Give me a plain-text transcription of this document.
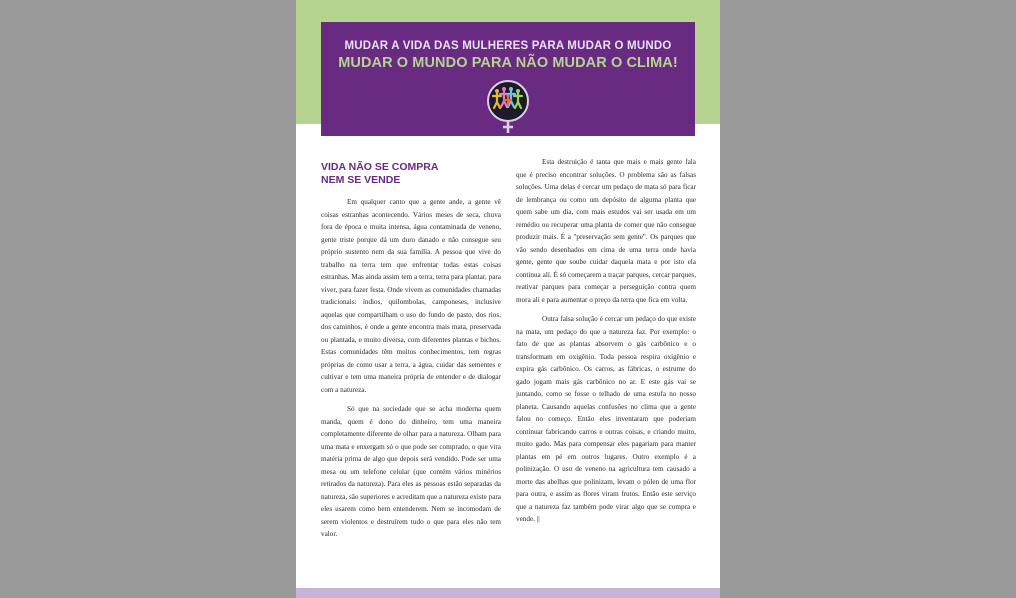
MUDAR A VIDA DAS MULHERES PARA MUDAR O MUNDO
MUDAR O MUNDO PARA NÃO MUDAR O CLIMA!
VIDA NÃO SE COMPRA
NEM SE VENDE

Em qualquer canto que a gente ande, a gente vê coisas estranhas acontecendo. Vários meses de seca, chuva fora de época e muita intensa, água contaminada de veneno, gente triste porque dá um duro danado e não consegue seu próprio sustento nem da sua família. A pessoa que vive do trabalho na terra tem que enfrentar todas estas coisas estranhas. Mas ainda assim tem a terra, terra para plantar, para viver, para fazer festa. Onde vivem as comunidades chamadas tradicionais: índios, quilombolas, camponeses, inclusive aquelas que compartilham o uso do fundo de pasto, dos rios, dos caminhos, é onde a gente encontra mais mata, preservada ou plantada, e muito diversa, com diferentes plantas e bichos. Estas comunidades têm muitos conhecimentos, tem regras próprias de como usar a terra, a água, cuidar das sementes e cultivar e tem uma maneira própria de entender e de dialogar com a natureza.

Só que na sociedade que se acha moderna quem manda, quem é dono do dinheiro, tem uma maneira completamente diferente de olhar para a natureza. Olham para uma mata e enxergam só o que pode ser comprado, o que vira matéria prima de algo que depois será vendido. Pode ser uma mesa ou um telefone celular (que contém vários minérios retirados da natureza). Para eles as pessoas estão separadas da natureza, são superiores e acreditam que a natureza existe para eles usarem como bem entenderem. Nem se incomodam de serem violentos e destruírem tudo o que para eles não tem valor.

Esta destruição é tanta que mais e mais gente fala que é preciso encontrar soluções. O problema são as falsas soluções. Uma delas é cercar um pedaço de mata só para ficar de lembrança ou como um depósito de alguma planta que quem sabe um dia, com mais estudos vai ser usada em um remédio ou recuperar uma planta de comer que não consegue produzir mais. É a "preservação sem gente". Os parques que vão sendo desenhados em cima de uma terra onde havia gente, gente que soube cuidar daquela mata e por isto ela continua alí. É só começarem a traçar parques, cercar parques, reativar parques para começar a perseguição contra quem mora alí e para aumentar o preço da terra que fica em volta.

Outra falsa solução é cercar um pedaço do que existe na mata, um pedaço do que a natureza faz. Por exemplo: o fato de que as plantas absorvem o gás carbônico e o transformam em oxigênio. Toda pessoa respira oxigênio e expira gás carbônico. Os carros, as fábricas, o estrume do gado jogam mais gás carbônico no ar. E este gás vai se juntando, como se fosse o telhado de uma estufa no nosso planeta. Causando aquelas confusões no clima que a gente falou no começo. Então eles inventaram que poderiam continuar fabricando carros e outras coisas, e criando muito, muito gado. Mas para compensar eles pagariam para manter plantas em pé em outros lugares. Outro exemplo é a polinização. O uso de veneno na agricultura tem causado a morte das abelhas que polinizam, levam o pólen de uma flor para outra, e assim as flores viram frutos. Então este serviço que a natureza faz também pode virar algo que se compra e vende. ||
